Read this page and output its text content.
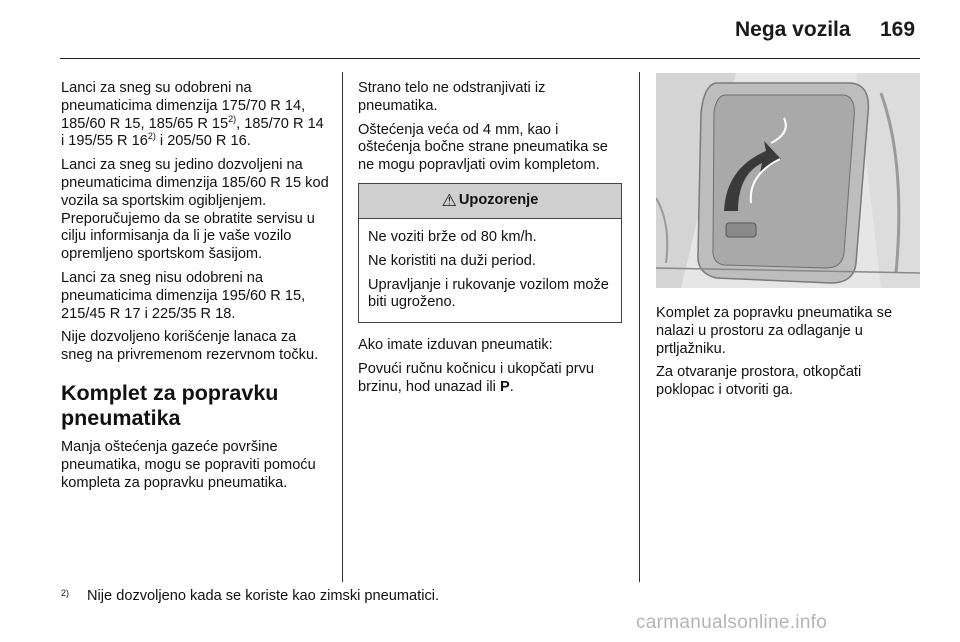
Nega vozila 169

Lanci za sneg su odobreni na pneumaticima dimenzija 175/70 R 14, 185/60 R 15, 185/65 R 15$^{2)}$, 185/70 R 14 i 195/55 R 16$^{2)}$ i 205/50 R 16.

Lanci za sneg su jedino dozvoljeni na pneumaticima dimenzija 185/60 R 15 kod vozila sa sportskim ogibljenjem. Preporučujemo da se obratite servisu u cilju informisanja da li je vaše vozilo opremljeno sportskom šasijom.

Lanci za sneg nisu odobreni na pneumaticima dimenzija 195/60 R 15, 215/45 R 17 i 225/35 R 18.

Nije dozvoljeno korišćenje lanaca za sneg na privremenom rezervnom točku.

Komplet za popravku pneumatika

Manja oštećenja gazeće površine pneumatika, mogu se popraviti pomoću kompleta za popravku pneumatika.

Strano telo ne odstranjivati iz pneumatika.

Oštećenja veća od 4 mm, kao i oštećenja bočne strane pneumatika se ne mogu popravljati ovim kompletom.

⚠ Upozorenje

Ne voziti brže od 80 km/h.

Ne koristiti na duži period.

Upravljanje i rukovanje vozilom može biti ugroženo.

Ako imate izduvan pneumatik:

Povući ručnu kočnicu i ukopčati prvu brzinu, hod unazad ili P.

Komplet za popravku pneumatika se nalazi u prostoru za odlaganje u prtljažniku.

Za otvaranje prostora, otkopčati poklopac i otvoriti ga.

$^{2)}$ Nije dozvoljeno kada se koriste kao zimski pneumatici.
carmanualsonline.info
